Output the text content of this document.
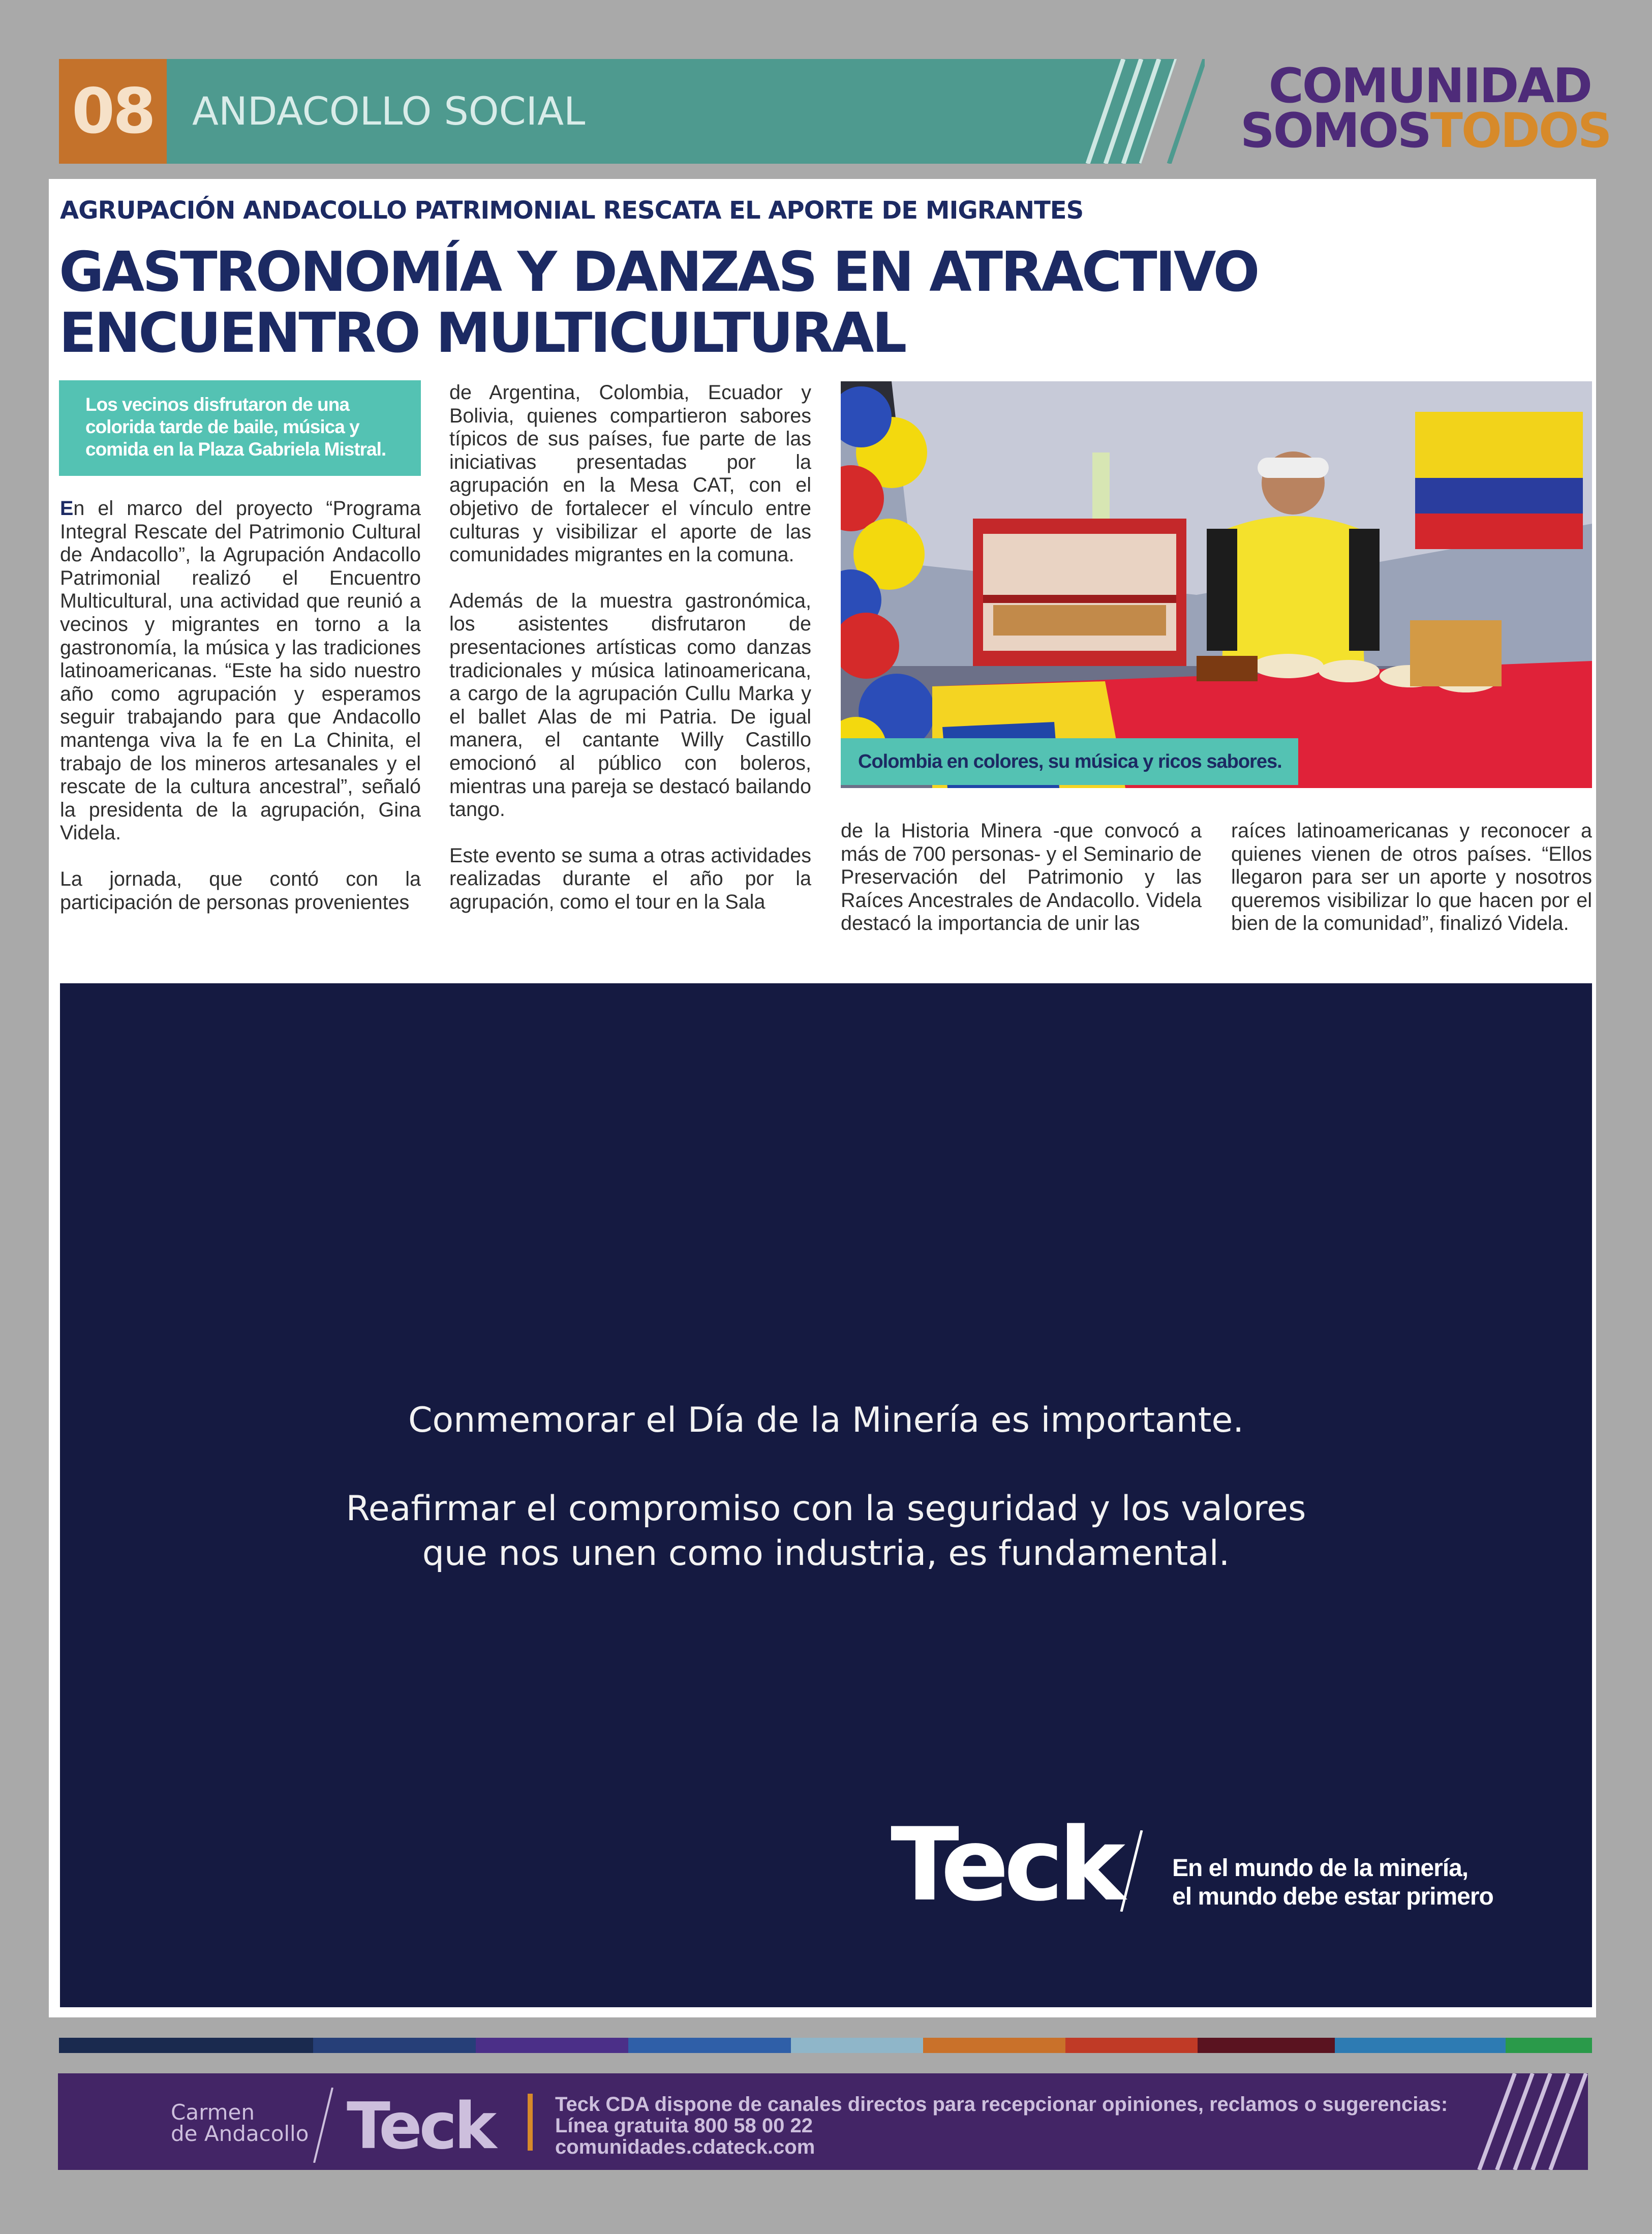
08 ANDACOLLO SOCIAL	COMUNIDAD
SOMOSTODOS
AGRUPACIÓN ANDACOLLO PATRIMONIAL RESCATA EL APORTE DE MIGRANTES
GASTRONOMÍA Y DANZAS EN ATRACTIVO
ENCUENTRO MULTICULTURAL
Los vecinos disfrutaron de una colorida tarde de baile, música y comida en la Plaza Gabriela Mistral.

En el marco del proyecto “Programa Integral Rescate del Patrimonio Cultural de Andacollo”, la Agrupación Andacollo Patrimonial realizó el Encuentro Multicultural, una actividad que reunió a vecinos y migrantes en torno a la gastronomía, la música y las tradiciones latinoamericanas. “Este ha sido nuestro año como agrupación y esperamos seguir trabajando para que Andacollo mantenga viva la fe en La Chinita, el trabajo de los mineros artesanales y el rescate de la cultura ancestral”, señaló la presidenta de la agrupación, Gina Videla.

La jornada, que contó con la participación de personas provenientes

de Argentina, Colombia, Ecuador y Bolivia, quienes compartieron sabores típicos de sus países, fue parte de las iniciativas presentadas por la agrupación en la Mesa CAT, con el objetivo de fortalecer el vínculo entre culturas y visibilizar el aporte de las comunidades migrantes en la comuna.

Además de la muestra gastronómica, los asistentes disfrutaron de presentaciones artísticas como danzas tradicionales y música latinoamericana, a cargo de la agrupación Cullu Marka y el ballet Alas de mi Patria. De igual manera, el cantante Willy Castillo emocionó al público con boleros, mientras una pareja se destacó bailando tango.

Este evento se suma a otras actividades realizadas durante el año por la agrupación, como el tour en la Sala

Colombia en colores, su música y ricos sabores.

de la Historia Minera -que convocó a más de 700 personas- y el Seminario de Preservación del Patrimonio y las Raíces Ancestrales de Andacollo. Videla destacó la importancia de unir las

raíces latinoamericanas y reconocer a quienes vienen de otros países. “Ellos llegaron para ser un aporte y nosotros queremos visibilizar lo que hacen por el bien de la comunidad”, finalizó Videla.

Conmemorar el Día de la Minería es importante.
Reafirmar el compromiso con la seguridad y los valores
que nos unen como industria, es fundamental.
Teck En el mundo de la minería,
el mundo debe estar primero
Carmen
de Andacollo Teck	Teck CDA dispone de canales directos para recepcionar opiniones, reclamos o sugerencias:
Línea gratuita 800 58 00 22
comunidades.cdateck.com
